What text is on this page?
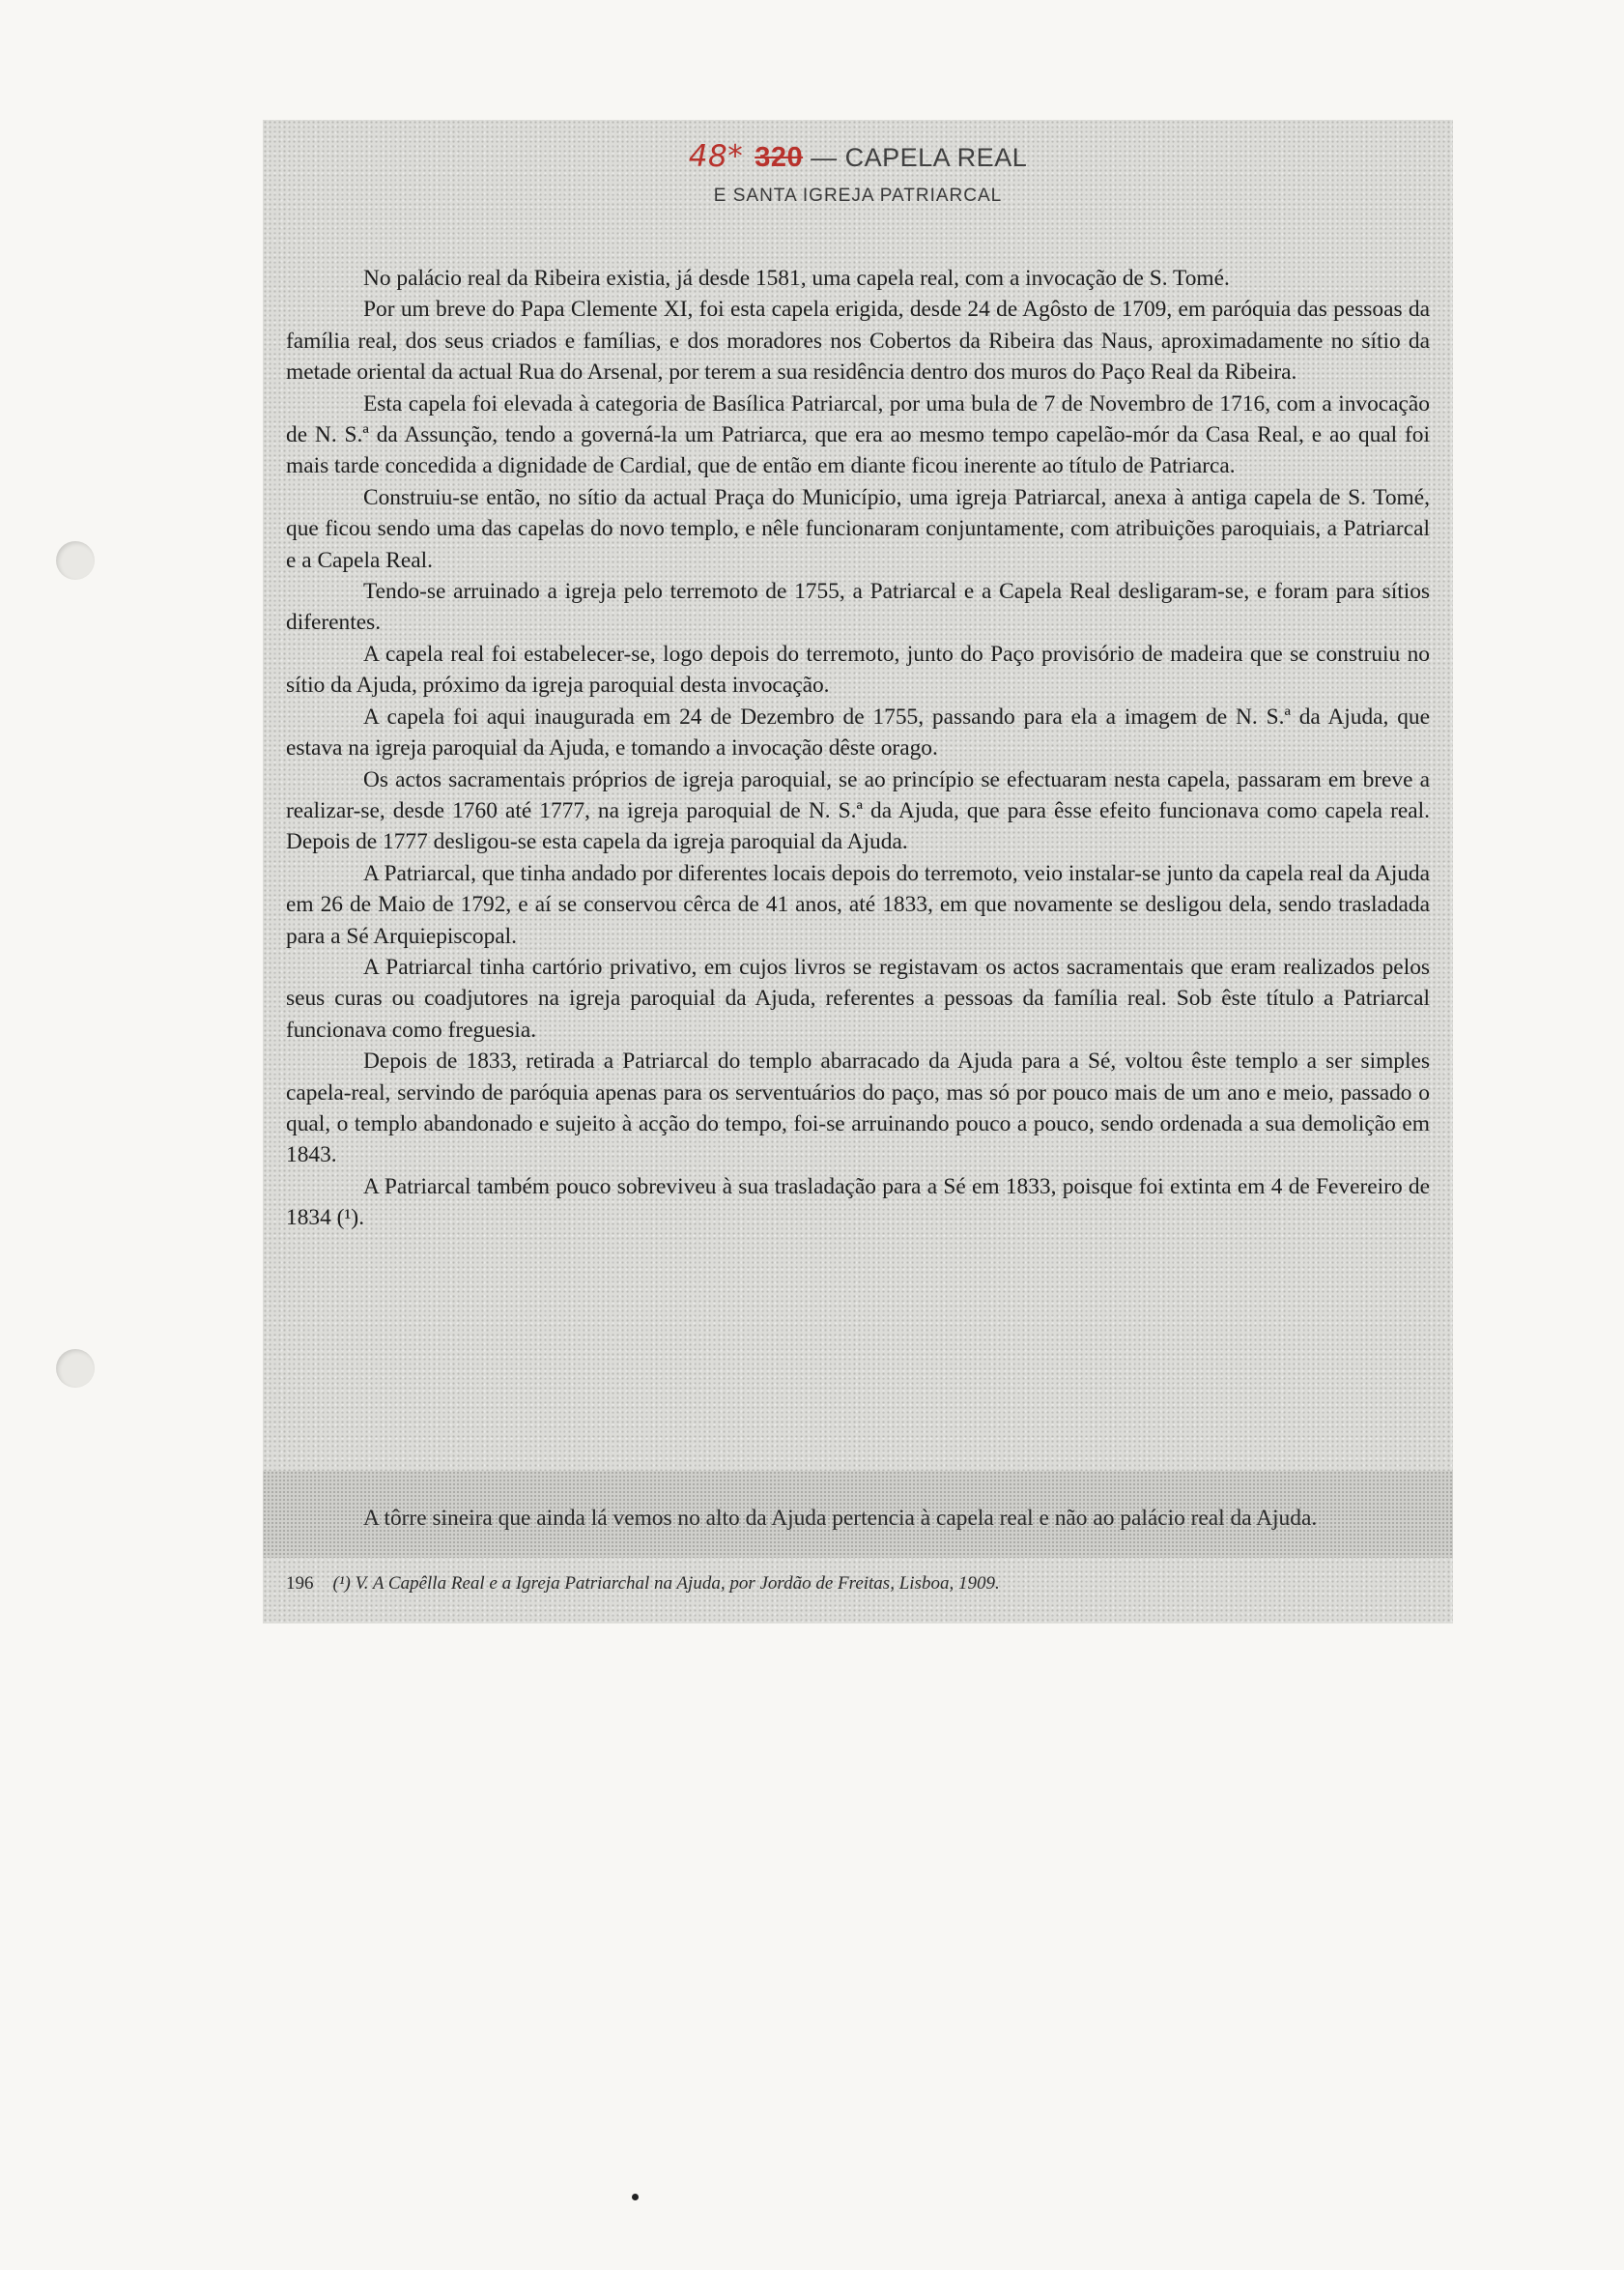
48* 320 — CAPELA REAL
E SANTA IGREJA PATRIARCAL

No palácio real da Ribeira existia, já desde 1581, uma capela real, com a invocação de S. Tomé.

Por um breve do Papa Clemente XI, foi esta capela erigida, desde 24 de Agôsto de 1709, em paróquia das pessoas da família real, dos seus criados e famílias, e dos moradores nos Cobertos da Ribeira das Naus, aproximadamente no sítio da metade oriental da actual Rua do Arsenal, por terem a sua residência dentro dos muros do Paço Real da Ribeira.

Esta capela foi elevada à categoria de Basílica Patriarcal, por uma bula de 7 de Novembro de 1716, com a invocação de N. S.ª da Assunção, tendo a governá-la um Patriarca, que era ao mesmo tempo capelão-mór da Casa Real, e ao qual foi mais tarde concedida a dignidade de Cardial, que de então em diante ficou inerente ao título de Patriarca.

Construiu-se então, no sítio da actual Praça do Município, uma igreja Patriarcal, anexa à antiga capela de S. Tomé, que ficou sendo uma das capelas do novo templo, e nêle funcionaram conjuntamente, com atribuições paroquiais, a Patriarcal e a Capela Real.

Tendo-se arruinado a igreja pelo terremoto de 1755, a Patriarcal e a Capela Real desligaram-se, e foram para sítios diferentes.

A capela real foi estabelecer-se, logo depois do terremoto, junto do Paço provisório de madeira que se construiu no sítio da Ajuda, próximo da igreja paroquial desta invocação.

A capela foi aqui inaugurada em 24 de Dezembro de 1755, passando para ela a imagem de N. S.ª da Ajuda, que estava na igreja paroquial da Ajuda, e tomando a invocação dêste orago.

Os actos sacramentais próprios de igreja paroquial, se ao princípio se efectuaram nesta capela, passaram em breve a realizar-se, desde 1760 até 1777, na igreja paroquial de N. S.ª da Ajuda, que para êsse efeito funcionava como capela real. Depois de 1777 desligou-se esta capela da igreja paroquial da Ajuda.

A Patriarcal, que tinha andado por diferentes locais depois do terremoto, veio instalar-se junto da capela real da Ajuda em 26 de Maio de 1792, e aí se conservou cêrca de 41 anos, até 1833, em que novamente se desligou dela, sendo trasladada para a Sé Arquiepiscopal.

A Patriarcal tinha cartório privativo, em cujos livros se registavam os actos sacramentais que eram realizados pelos seus curas ou coadjutores na igreja paroquial da Ajuda, referentes a pessoas da família real. Sob êste título a Patriarcal funcionava como freguesia.

Depois de 1833, retirada a Patriarcal do templo abarracado da Ajuda para a Sé, voltou êste templo a ser simples capela-real, servindo de paróquia apenas para os serventuários do paço, mas só por pouco mais de um ano e meio, passado o qual, o templo abandonado e sujeito à acção do tempo, foi-se arruinando pouco a pouco, sendo ordenada a sua demolição em 1843.

A Patriarcal também pouco sobreviveu à sua trasladação para a Sé em 1833, poisque foi extinta em 4 de Fevereiro de 1834 (¹).

A tôrre sineira que ainda lá vemos no alto da Ajuda pertencia à capela real e não ao palácio real da Ajuda.

196 (¹) V. A Capêlla Real e a Igreja Patriarchal na Ajuda, por Jordão de Freitas, Lisboa, 1909.
